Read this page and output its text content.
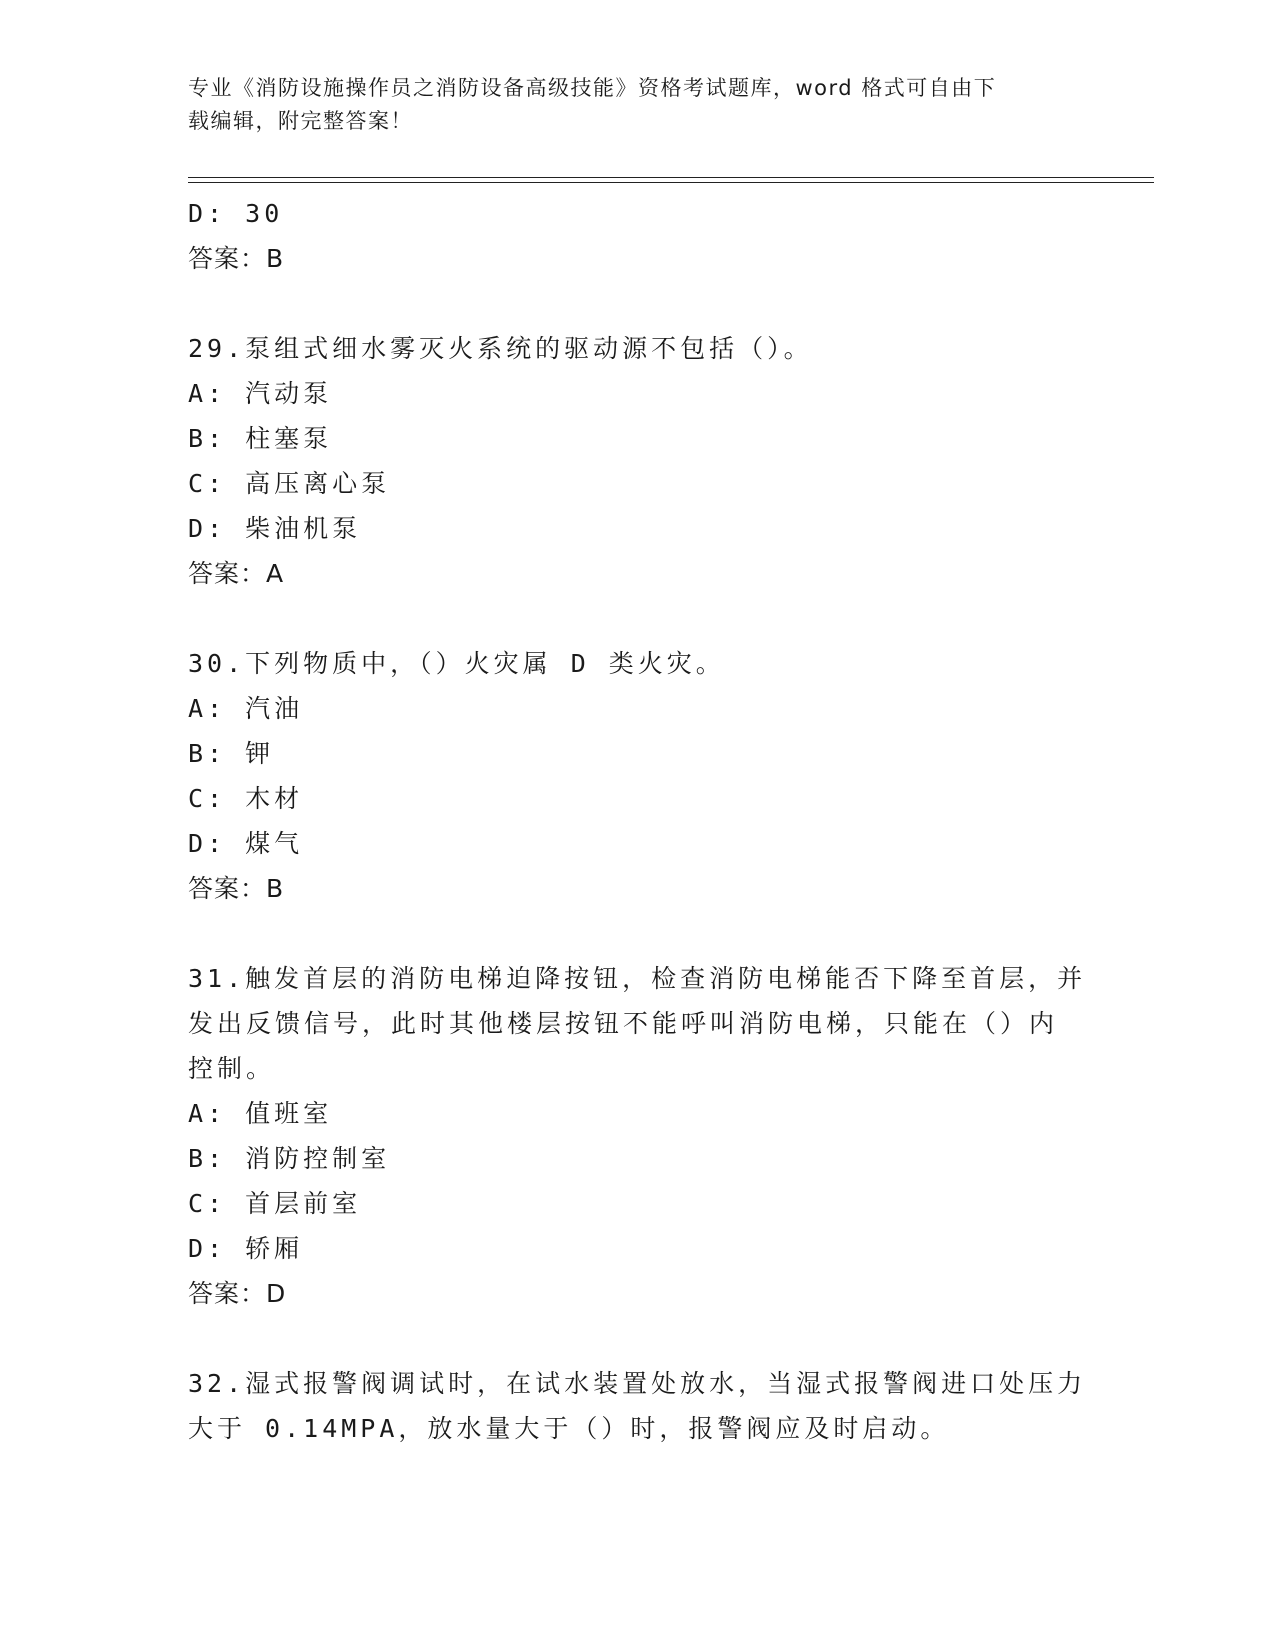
专业《消防设施操作员之消防设备高级技能》资格考试题库，word 格式可自由下
载编辑，附完整答案！
D: 30
答案：B
29.泵组式细水雾灭火系统的驱动源不包括（）。
A: 汽动泵
B: 柱塞泵
C: 高压离心泵
D: 柴油机泵
答案：A
30.下列物质中，（）火灾属 D 类火灾。
A: 汽油
B: 钾
C: 木材
D: 煤气
答案：B
31.触发首层的消防电梯迫降按钮，检查消防电梯能否下降至首层，并
发出反馈信号，此时其他楼层按钮不能呼叫消防电梯，只能在（）内
控制。
A: 值班室
B: 消防控制室
C: 首层前室
D: 轿厢
答案：D
32.湿式报警阀调试时，在试水装置处放水，当湿式报警阀进口处压力
大于 0.14MPA，放水量大于（）时，报警阀应及时启动。
